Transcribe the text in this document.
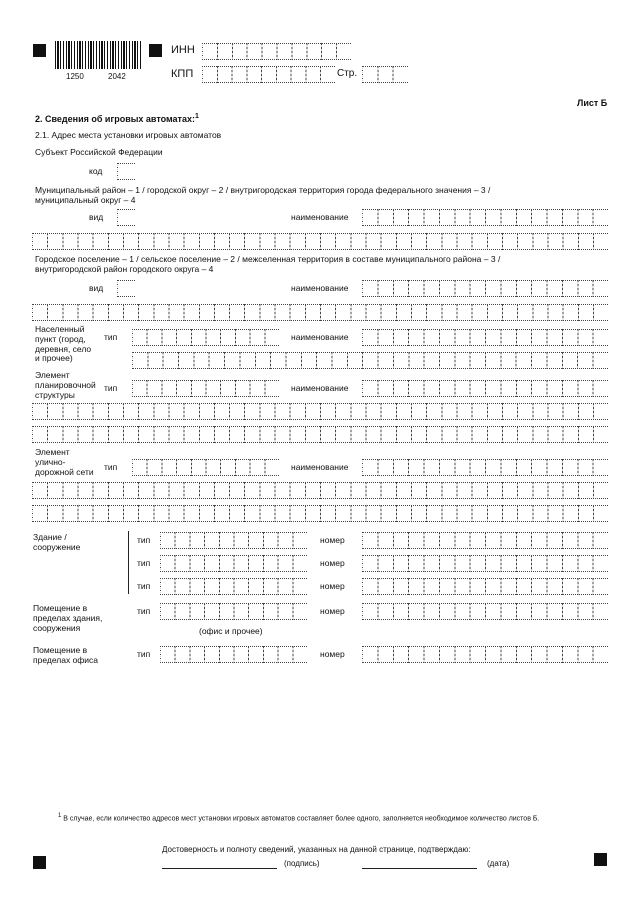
1250	2042
ИНН
КПП	Стр.
Лист Б
2. Сведения об игровых автоматах:$^1$
2.1. Адрес места установки игровых автоматов
Субъект Российской Федерации
код
Муниципальный район – 1 / городской округ – 2 / внутригородская территория города федерального значения – 3 / муниципальный округ – 4
вид	наименование
Городское поселение – 1 / сельское поселение – 2 / межселенная территория в составе муниципального района – 3 / внутригородской район городского округа – 4
вид	наименование
Населенный пункт (город, деревня, село и прочее)
тип	наименование
Элемент планировочной структуры
тип	наименование
Элемент улично-дорожной сети	тип	наименование
Здание / сооружение
тип	номер
тип	номер
тип	номер
Помещение в пределах здания, сооружения
тип	номер
(офис и прочее)
Помещение в пределах офиса
тип	номер
$^1$ В случае, если количество адресов мест установки игровых автоматов составляет более одного, заполняется необходимое количество листов Б.
Достоверность и полноту сведений, указанных на данной странице, подтверждаю:
(подпись)	(дата)
